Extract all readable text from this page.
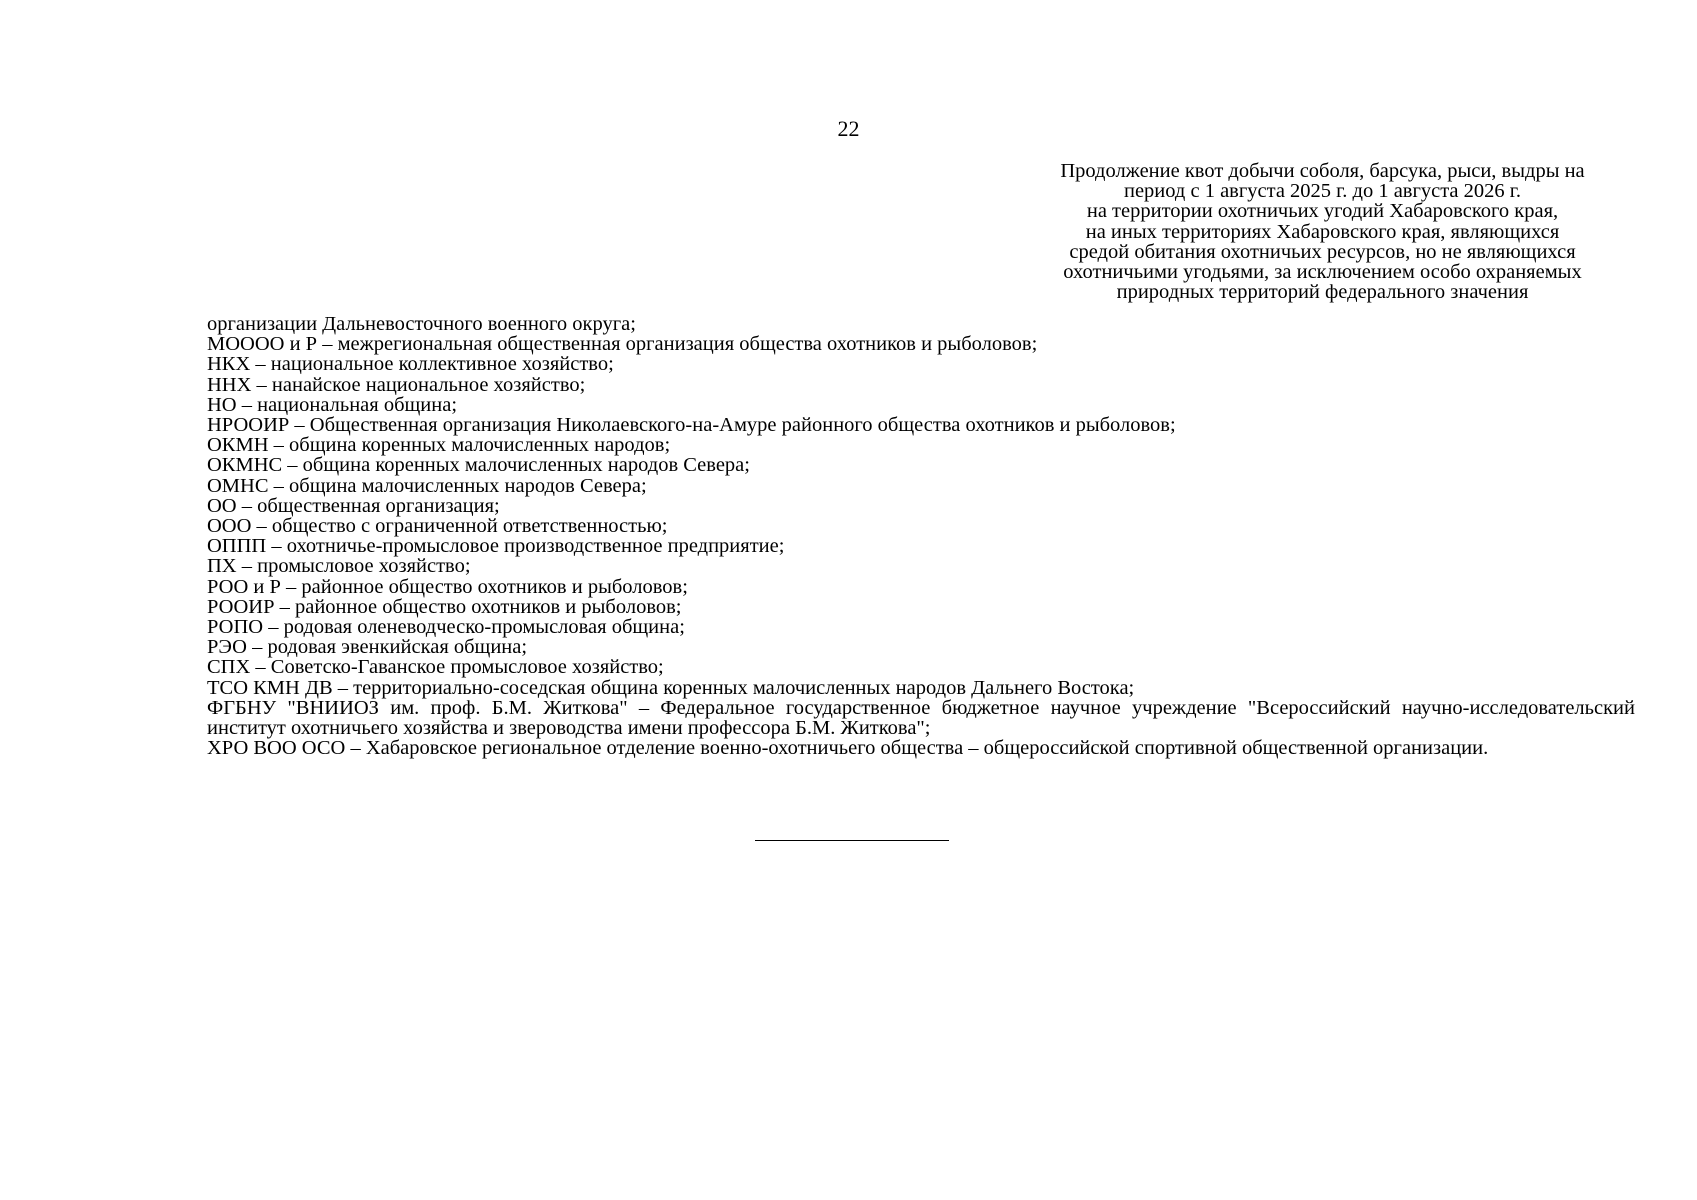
22
Продолжение квот добычи соболя, барсука, рыси, выдры на
период с 1 августа 2025 г. до 1 августа 2026 г.
на территории охотничьих угодий Хабаровского края,
на иных территориях Хабаровского края, являющихся
средой обитания охотничьих ресурсов, но не являющихся
охотничьими угодьями, за исключением особо охраняемых
природных территорий федерального значения
организации Дальневосточного военного округа;
МОООО и Р – межрегиональная общественная организация общества охотников и рыболовов;
НКХ – национальное коллективное хозяйство;
ННХ – нанайское национальное хозяйство;
НО – национальная община;
НРООИР – Общественная организация Николаевского-на-Амуре районного общества охотников и рыболовов;
ОКМН – община коренных малочисленных народов;
ОКМНС – община коренных малочисленных народов Севера;
ОМНС – община малочисленных народов Севера;
ОО – общественная организация;
ООО – общество с ограниченной ответственностью;
ОППП – охотничье-промысловое производственное предприятие;
ПХ – промысловое хозяйство;
РОО и Р – районное общество охотников и рыболовов;
РООИР – районное общество охотников и рыболовов;
РОПО – родовая оленеводческо-промысловая община;
РЭО – родовая эвенкийская община;
СПХ – Советско-Гаванское промысловое хозяйство;
ТСО КМН ДВ – территориально-соседская община коренных малочисленных народов Дальнего Востока;
ФГБНУ "ВНИИОЗ им. проф. Б.М. Житкова" – Федеральное государственное бюджетное научное учреждение "Всероссийский научно-исследовательский институт охотничьего хозяйства и звероводства имени профессора Б.М. Житкова";
ХРО ВОО ОСО – Хабаровское региональное отделение военно-охотничьего общества – общероссийской спортивной общественной организации.
